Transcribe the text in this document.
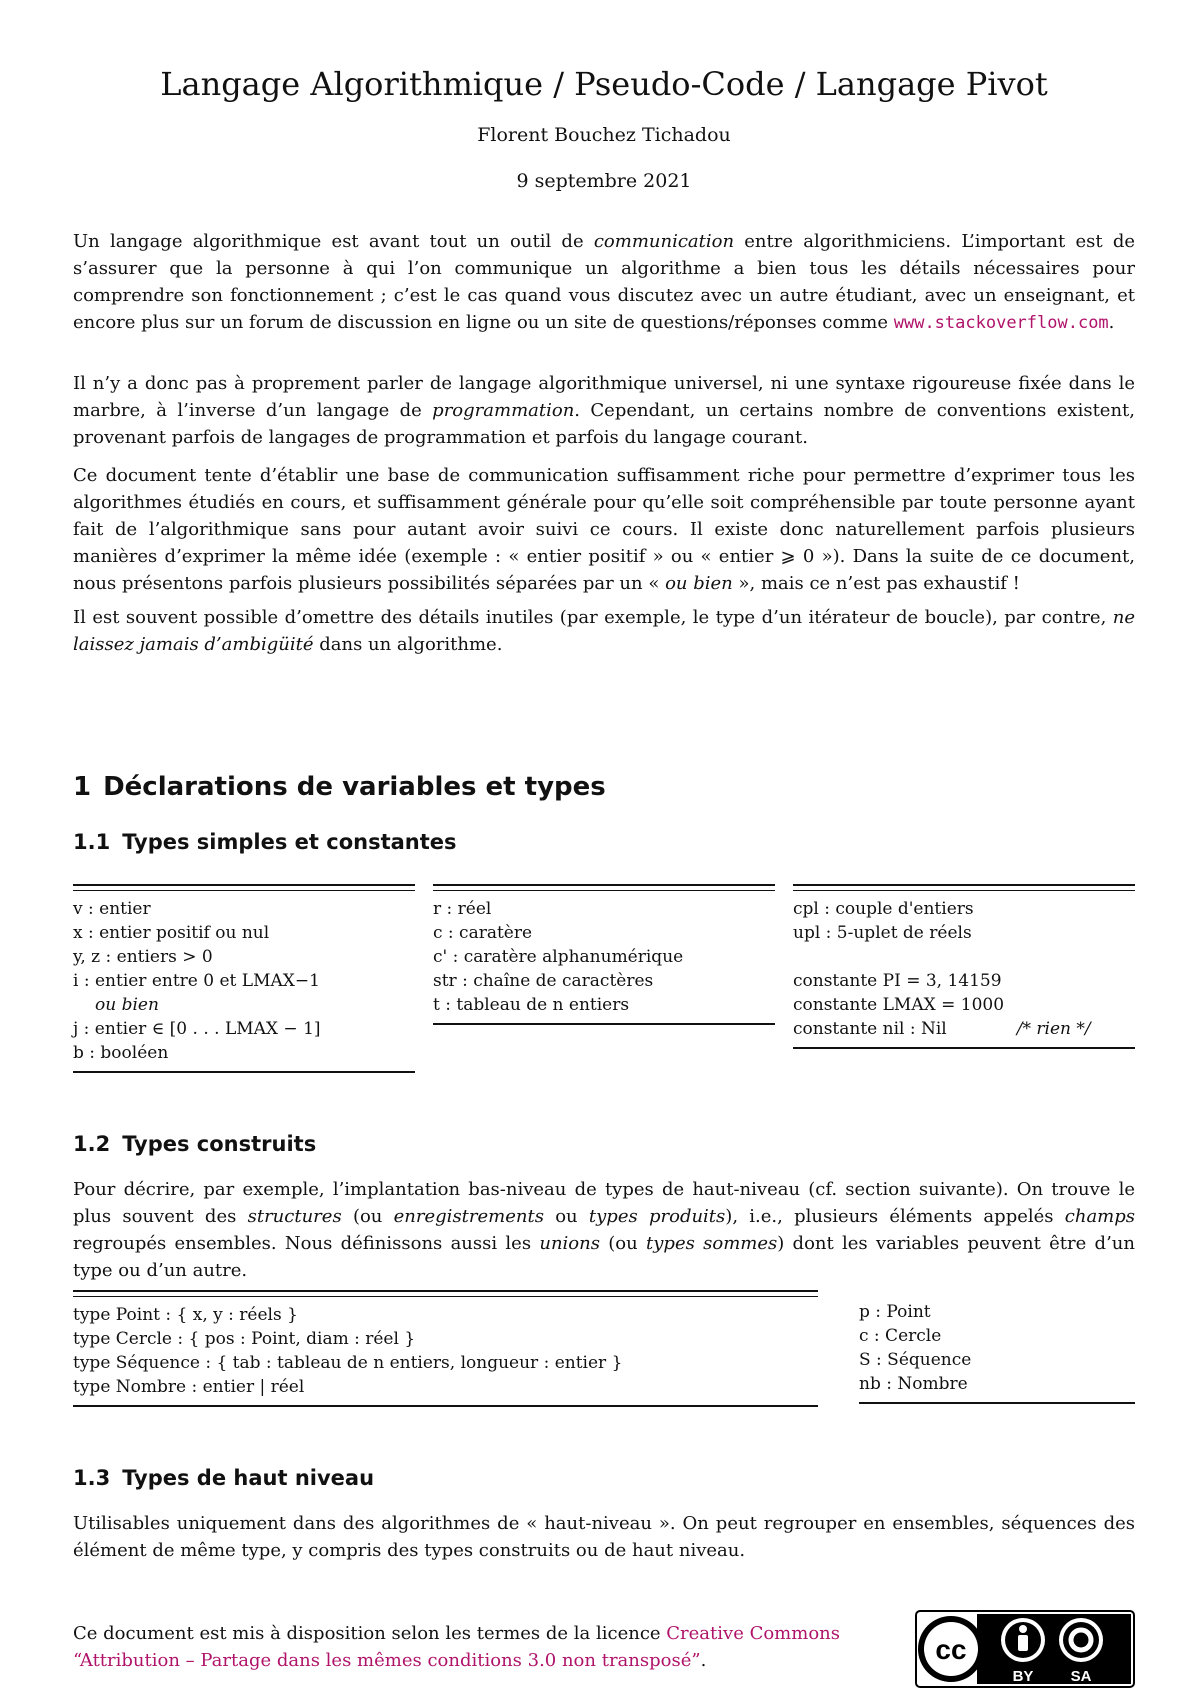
Langage Algorithmique / Pseudo-Code / Langage Pivot
Florent Bouchez Tichadou
9 septembre 2021

Un langage algorithmique est avant tout un outil de communication entre algorithmiciens. L’important est de s’assurer que la personne à qui l’on communique un algorithme a bien tous les détails nécessaires pour comprendre son fonctionnement ; c’est le cas quand vous discutez avec un autre étudiant, avec un enseignant, et encore plus sur un forum de discussion en ligne ou un site de questions/réponses comme www.stackoverflow.com.

Il n’y a donc pas à proprement parler de langage algorithmique universel, ni une syntaxe rigoureuse fixée dans le marbre, à l’inverse d’un langage de programmation. Cependant, un certains nombre de conventions existent, provenant parfois de langages de programmation et parfois du langage courant.

Ce document tente d’établir une base de communication suffisamment riche pour permettre d’exprimer tous les algorithmes étudiés en cours, et suffisamment générale pour qu’elle soit compréhensible par toute personne ayant fait de l’algorithmique sans pour autant avoir suivi ce cours. Il existe donc naturellement parfois plusieurs manières d’exprimer la même idée (exemple : « entier positif » ou « entier ⩾ 0 »). Dans la suite de ce document, nous présentons parfois plusieurs possibilités séparées par un « ou bien », mais ce n’est pas exhaustif !

Il est souvent possible d’omettre des détails inutiles (par exemple, le type d’un itérateur de boucle), par contre, ne laissez jamais d’ambigüité dans un algorithme.

1 Déclarations de variables et types
1.1 Types simples et constantes
v : entier
x : entier positif ou nul
y, z : entiers > 0
i : entier entre 0 et LMAX−1
ou bien
j : entier ∈ [0 . . . LMAX − 1]
b : booléen
r : réel
c : caratère
c' : caratère alphanumérique
str : chaîne de caractères
t : tableau de n entiers
cpl : couple d'entiers
upl : 5-uplet de réels
constante PI = 3, 14159
constante LMAX = 1000
constante nil : Nil	/* rien */
1.2 Types construits

Pour décrire, par exemple, l’implantation bas-niveau de types de haut-niveau (cf. section suivante). On trouve le plus souvent des structures (ou enregistrements ou types produits), i.e., plusieurs éléments appelés champs regroupés ensembles. Nous définissons aussi les unions (ou types sommes) dont les variables peuvent être d’un type ou d’un autre.

type Point : { x, y : réels }
type Cercle : { pos : Point, diam : réel }
type Séquence : { tab : tableau de n entiers, longueur : entier }
type Nombre : entier | réel
p : Point
c : Cercle
S : Séquence
nb : Nombre
1.3 Types de haut niveau

Utilisables uniquement dans des algorithmes de « haut-niveau ». On peut regrouper en ensembles, séquences des élément de même type, y compris des types construits ou de haut niveau.

Ce document est mis à disposition selon les termes de la licence Creative Commons “Attribution – Partage dans les mêmes conditions 3.0 non transposé”.	cc
BY SA
